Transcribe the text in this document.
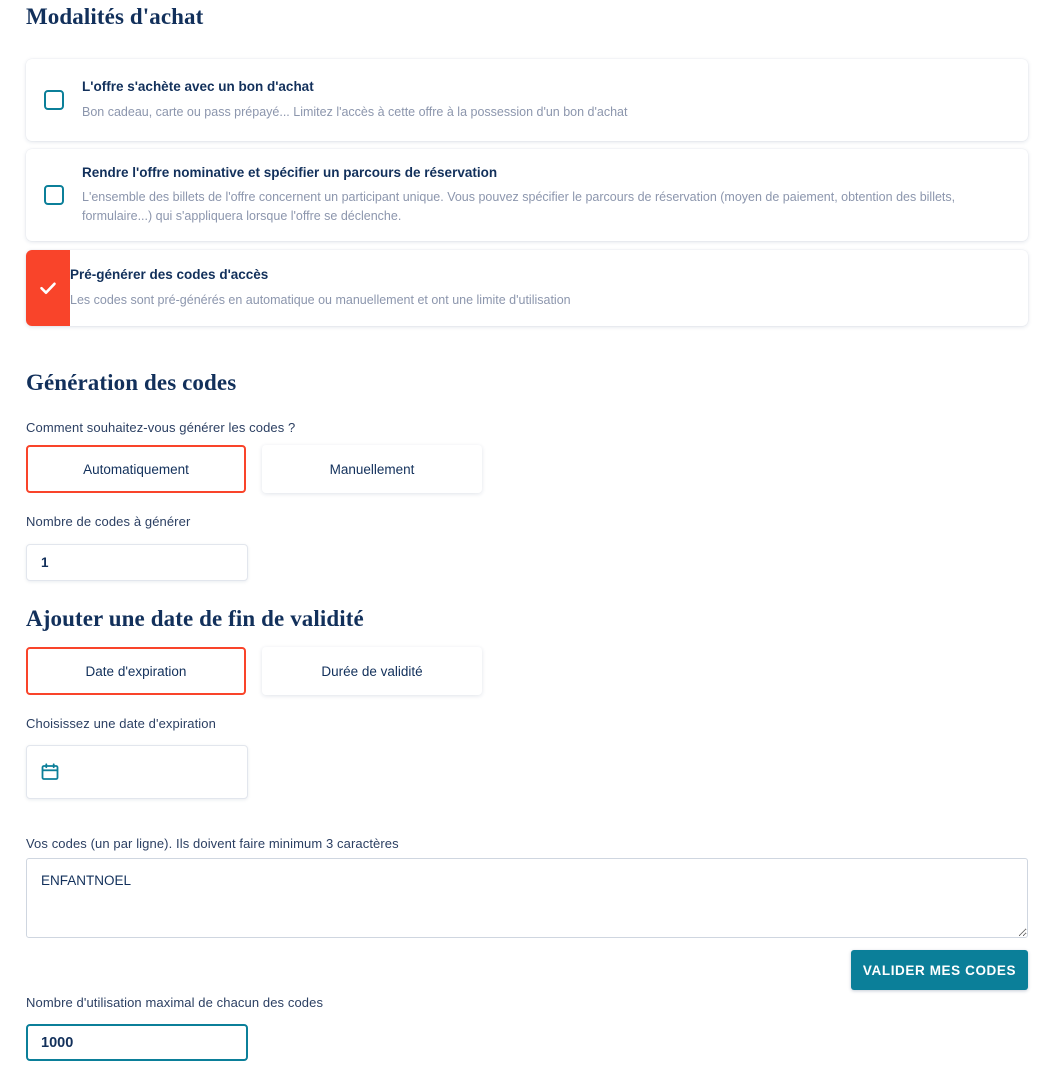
Modalités d'achat
L'offre s'achète avec un bon d'achat
Bon cadeau, carte ou pass prépayé... Limitez l'accès à cette offre à la possession d'un bon d'achat
Rendre l'offre nominative et spécifier un parcours de réservation
L'ensemble des billets de l'offre concernent un participant unique. Vous pouvez spécifier le parcours de réservation (moyen de paiement, obtention des billets, formulaire...) qui s'appliquera lorsque l'offre se déclenche.
Pré-générer des codes d'accès
Les codes sont pré-générés en automatique ou manuellement et ont une limite d'utilisation
Génération des codes
Comment souhaitez-vous générer les codes ?
Automatiquement	Manuellement
Nombre de codes à générer
1
Ajouter une date de fin de validité
Date d'expiration	Durée de validité
Choisissez une date d'expiration
Vos codes (un par ligne). Ils doivent faire minimum 3 caractères
ENFANTNOEL
VALIDER MES CODES
Nombre d'utilisation maximal de chacun des codes
1000
